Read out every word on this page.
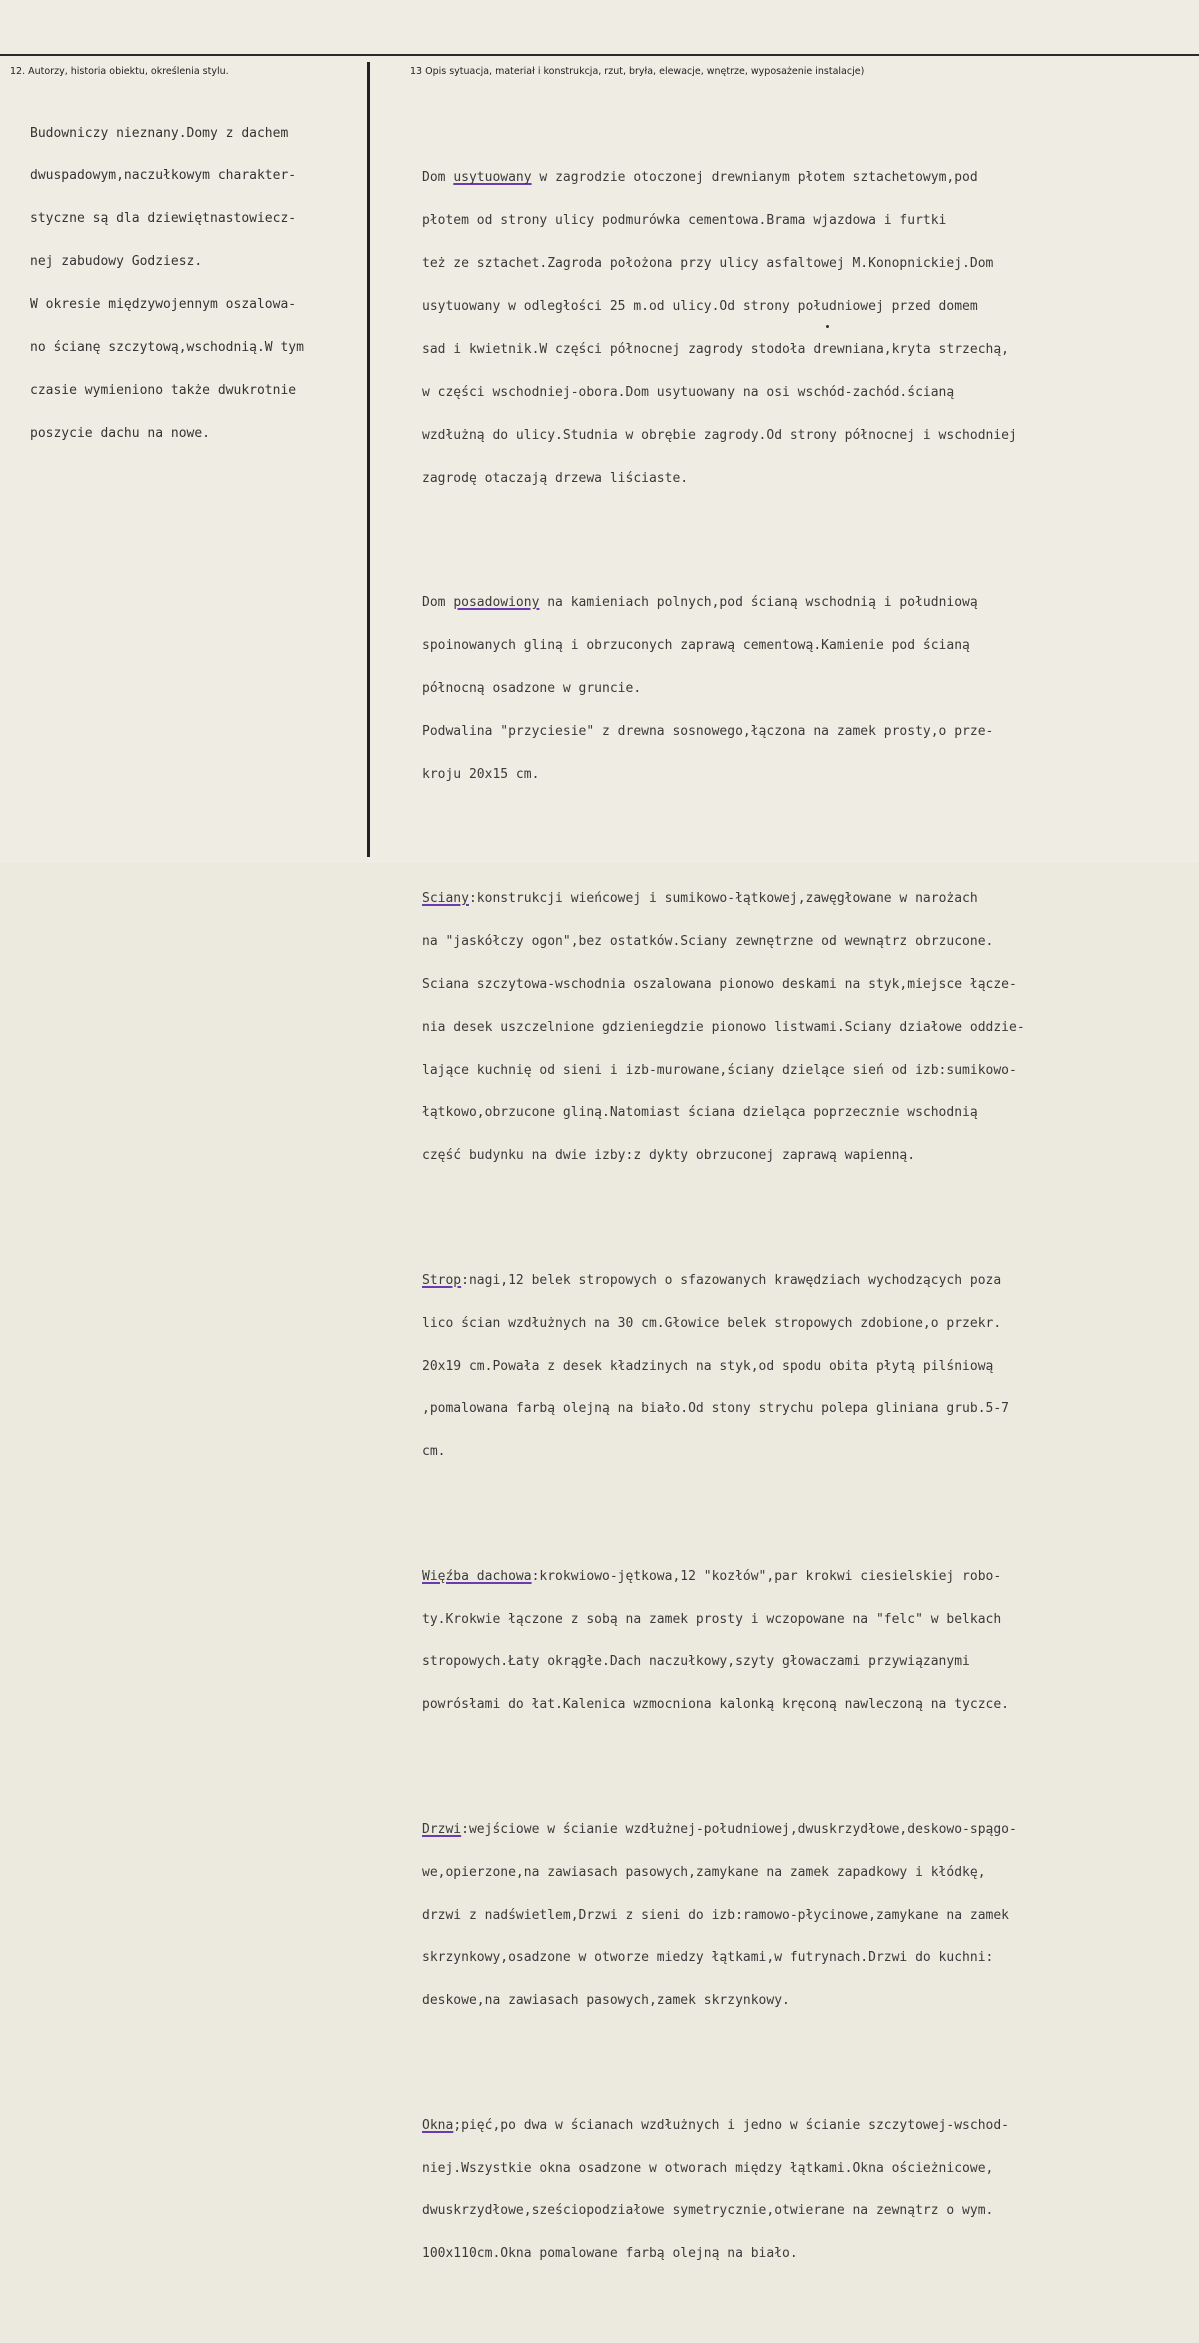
12. Autorzy, historia obiektu, określenia stylu.	13 Opis sytuacja, materiał i konstrukcja, rzut, bryła, elewacje, wnętrze, wyposażenie instalacje)

Budowniczy nieznany.Domy z dachem

dwuspadowym,naczułkowym charakter-

styczne są dla dziewiętnastowiecz-

nej zabudowy Godziesz.

W okresie międzywojennym oszalowa-

no ścianę szczytową,wschodnią.W tym

czasie wymieniono także dwukrotnie

poszycie dachu na nowe.

Dom usytuowany w zagrodzie otoczonej drewnianym płotem sztachetowym,pod

płotem od strony ulicy podmurówka cementowa.Brama wjazdowa i furtki

też ze sztachet.Zagroda położona przy ulicy asfaltowej M.Konopnickiej.Dom

usytuowany w odległości 25 m.od ulicy.Od strony południowej przed domem

sad i kwietnik.W części północnej zagrody stodoła drewniana,kryta strzechą,

w części wschodniej-obora.Dom usytuowany na osi wschód-zachód.ścianą

wzdłużną do ulicy.Studnia w obrębie zagrody.Od strony północnej i wschodniej

zagrodę otaczają drzewa liściaste.

Dom posadowiony na kamieniach polnych,pod ścianą wschodnią i południową

spoinowanych gliną i obrzuconych zaprawą cementową.Kamienie pod ścianą

północną osadzone w gruncie.

Podwalina "przyciesie" z drewna sosnowego,łączona na zamek prosty,o prze-

kroju 20x15 cm.

Sciany:konstrukcji wieńcowej i sumikowo-łątkowej,zawęgłowane w narożach

na "jaskółczy ogon",bez ostatków.Sciany zewnętrzne od wewnątrz obrzucone.

Sciana szczytowa-wschodnia oszalowana pionowo deskami na styk,miejsce łącze-

nia desek uszczelnione gdzieniegdzie pionowo listwami.Sciany działowe oddzie-

lające kuchnię od sieni i izb-murowane,ściany dzielące sień od izb:sumikowo-

łątkowo,obrzucone gliną.Natomiast ściana dzieląca poprzecznie wschodnią

część budynku na dwie izby:z dykty obrzuconej zaprawą wapienną.

Strop:nagi,12 belek stropowych o sfazowanych krawędziach wychodzących poza

lico ścian wzdłużnych na 30 cm.Głowice belek stropowych zdobione,o przekr.

20x19 cm.Powała z desek kładzinych na styk,od spodu obita płytą pilśniową

,pomalowana farbą olejną na biało.Od stony strychu polepa gliniana grub.5-7

cm.

Więźba dachowa:krokwiowo-jętkowa,12 "kozłów",par krokwi ciesielskiej robo-

ty.Krokwie łączone z sobą na zamek prosty i wczopowane na "felc" w belkach

stropowych.Łaty okrągłe.Dach naczułkowy,szyty głowaczami przywiązanymi

powrósłami do łat.Kalenica wzmocniona kalonką kręconą nawleczoną na tyczce.

Drzwi:wejściowe w ścianie wzdłużnej-południowej,dwuskrzydłowe,deskowo-spągo-

we,opierzone,na zawiasach pasowych,zamykane na zamek zapadkowy i kłódkę,

drzwi z nadświetlem,Drzwi z sieni do izb:ramowo-płycinowe,zamykane na zamek

skrzynkowy,osadzone w otworze miedzy łątkami,w futrynach.Drzwi do kuchni:

deskowe,na zawiasach pasowych,zamek skrzynkowy.

Okna;pięć,po dwa w ścianach wzdłużnych i jedno w ścianie szczytowej-wschod-

niej.Wszystkie okna osadzone w otworach między łątkami.Okna ościeżnicowe,

dwuskrzydłowe,sześciopodziałowe symetrycznie,otwierane na zewnątrz o wym.

100x110cm.Okna pomalowane farbą olejną na biało.
